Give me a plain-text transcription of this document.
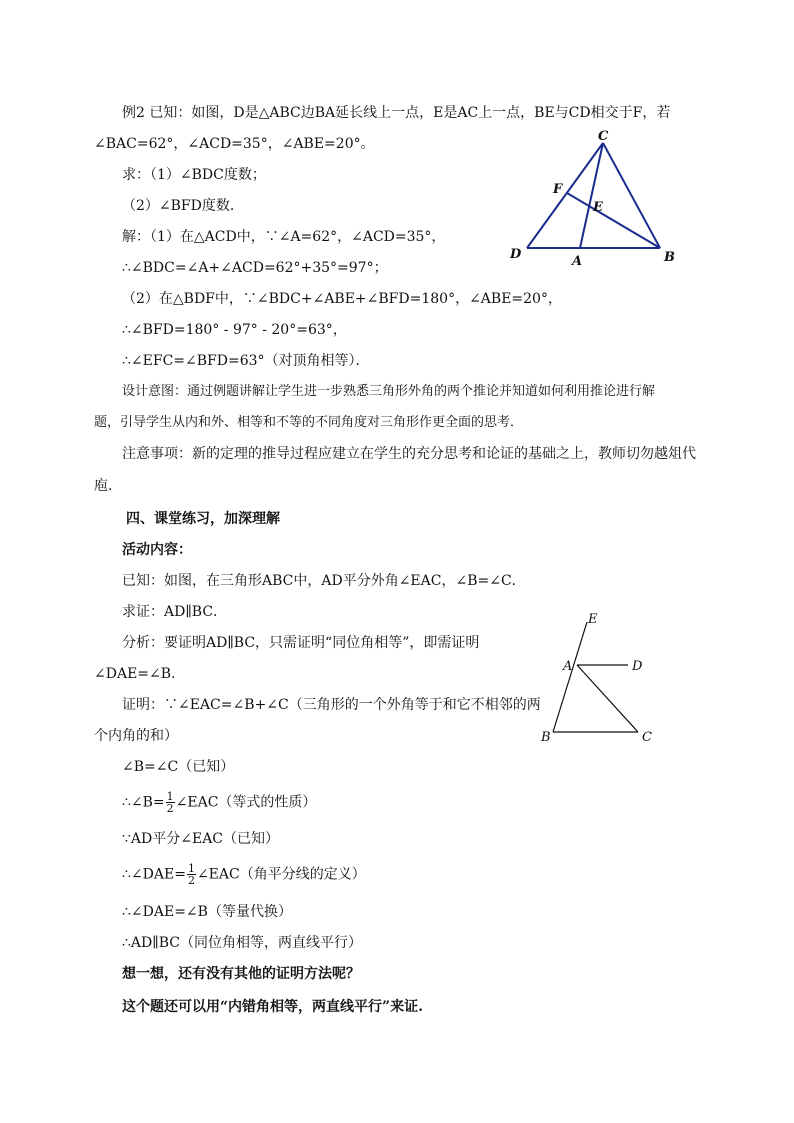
例2 已知：如图，D是△ABC边BA延长线上一点，E是AC上一点，BE与CD相交于F，若
∠BAC=62°，∠ACD=35°，∠ABE=20°。
求：（1）∠BDC度数；
（2）∠BFD度数．
解：（1）在△ACD中，∵∠A=62°，∠ACD=35°，
∴∠BDC=∠A+∠ACD=62°+35°=97°；
（2）在△BDF中，∵∠BDC+∠ABE+∠BFD=180°，∠ABE=20°，
∴∠BFD=180° - 97° - 20°=63°，
∴∠EFC=∠BFD=63°（对顶角相等）．
设计意图：通过例题讲解让学生进一步熟悉三角形外角的两个推论并知道如何利用推论进行解
题，引导学生从内和外、相等和不等的不同角度对三角形作更全面的思考．
注意事项：新的定理的推导过程应建立在学生的充分思考和论证的基础之上，教师切勿越俎代
庖．
四、课堂练习，加深理解
活动内容：
已知：如图，在三角形ABC中，AD平分外角∠EAC，∠B=∠C．
求证：AD∥BC．
分析：要证明AD∥BC，只需证明“同位角相等”，即需证明
∠DAE=∠B.
证明：∵∠EAC=∠B+∠C（三角形的一个外角等于和它不相邻的两
个内角的和）
∠B=∠C（已知）
∴∠B= $\frac{1}{2}$ ∠EAC（等式的性质）
∵AD平分∠EAC（已知）
∴∠DAE= $\frac{1}{2}$ ∠EAC（角平分线的定义）
∴∠DAE=∠B（等量代换）
∴AD∥BC（同位角相等，两直线平行）
想一想，还有没有其他的证明方法呢？
这个题还可以用“内错角相等，两直线平行”来证.
C
F
E
D	A	B
E
A	D
B	C
